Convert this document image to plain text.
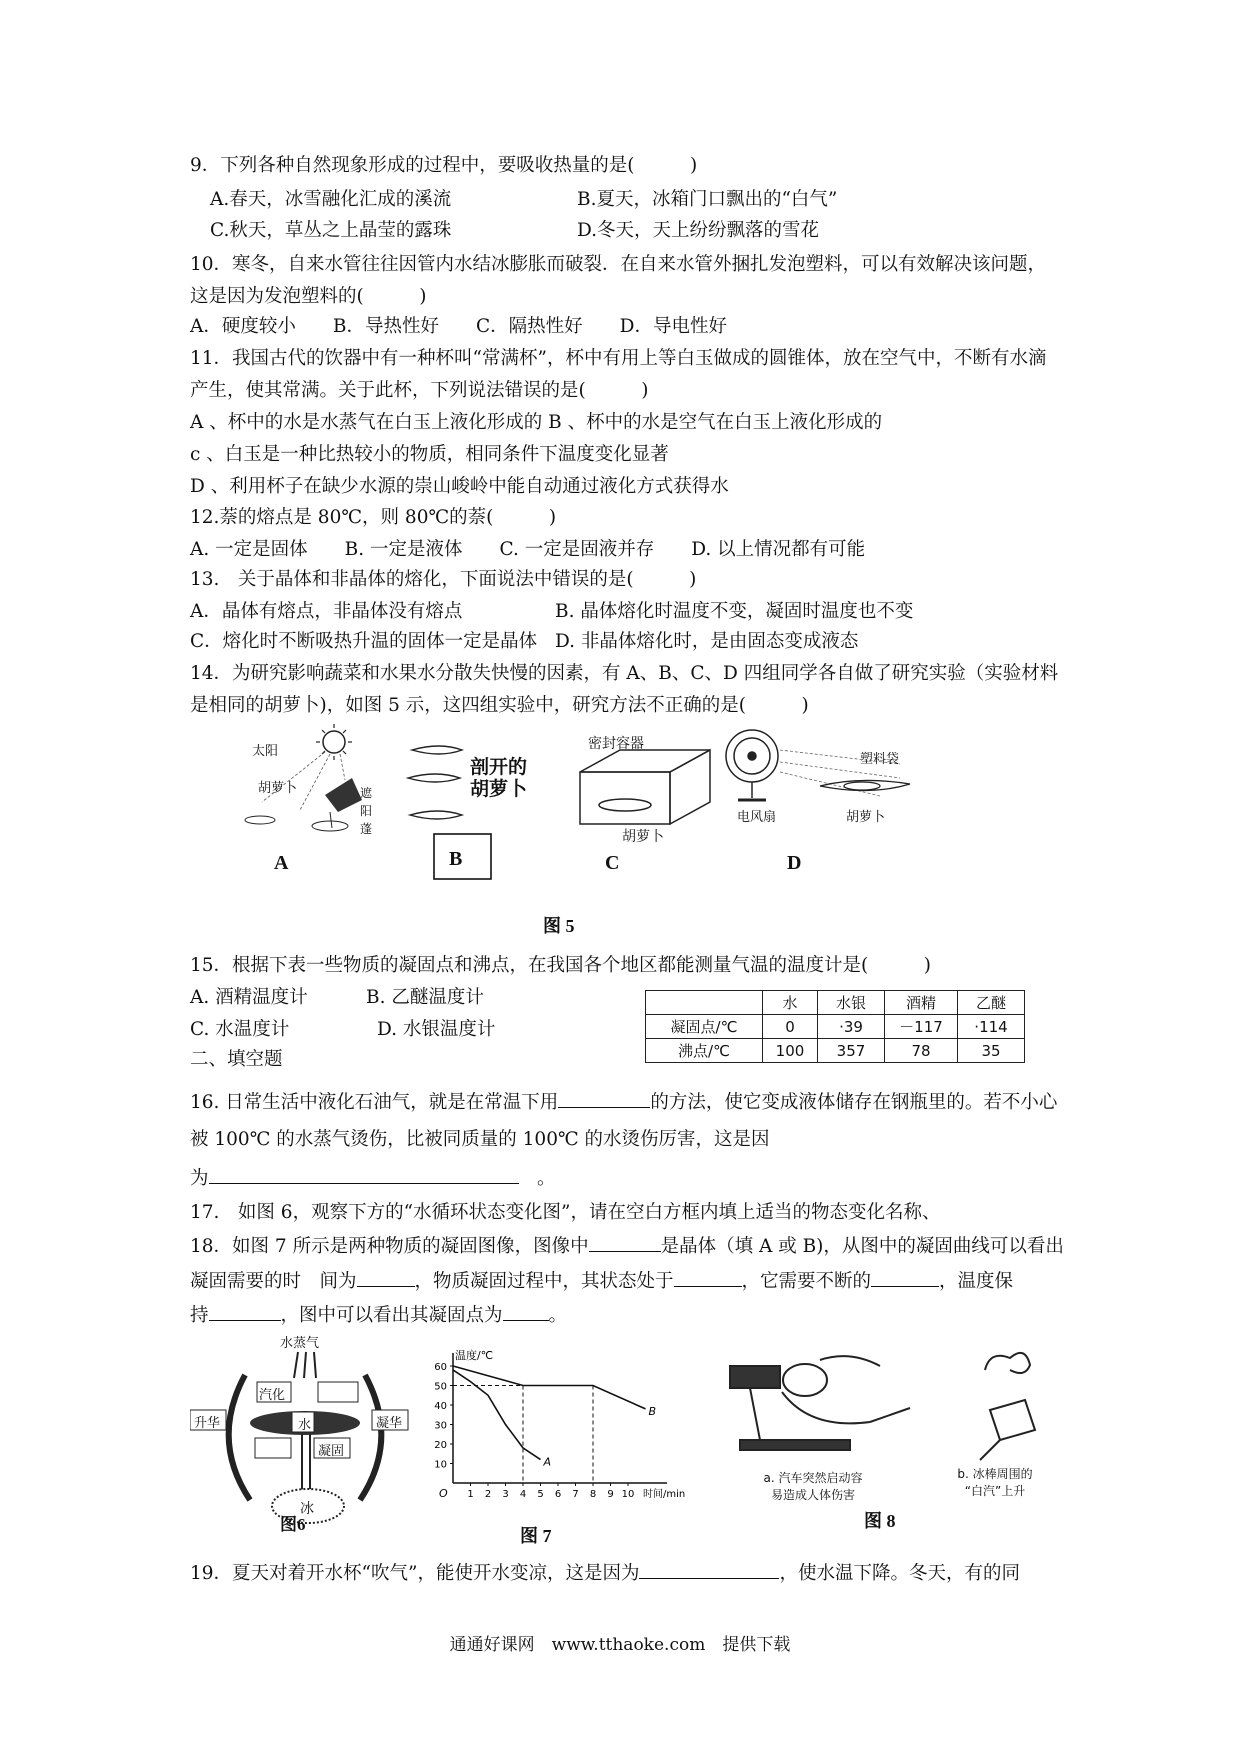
9．下列各种自然现象形成的过程中，要吸收热量的是(　　　)
A.春天，冰雪融化汇成的溪流	B.夏天，冰箱门口飘出的“白气”
C.秋天，草丛之上晶莹的露珠	D.冬天，天上纷纷飘落的雪花
10．寒冬，自来水管往往因管内水结冰膨胀而破裂．在自来水管外捆扎发泡塑料，可以有效解决该问题，
这是因为发泡塑料的(　　　)
A．硬度较小　　B．导热性好　　C．隔热性好　　D．导电性好
11．我国古代的饮器中有一种杯叫“常满杯”，杯中有用上等白玉做成的圆锥体，放在空气中，不断有水滴
产生，使其常满。关于此杯，下列说法错误的是(　　　)
A 、杯中的水是水蒸气在白玉上液化形成的 B 、杯中的水是空气在白玉上液化形成的
c 、白玉是一种比热较小的物质，相同条件下温度变化显著
D 、利用杯子在缺少水源的崇山峻岭中能自动通过液化方式获得水
12.萘的熔点是 80℃，则 80℃的萘(　　　)
A. 一定是固体　　B. 一定是液体　　C. 一定是固液并存　　D. 以上情况都有可能
13.　关于晶体和非晶体的熔化，下面说法中错误的是(　　　)
A．晶体有熔点，非晶体没有熔点	B. 晶体熔化时温度不变，凝固时温度也不变
C．熔化时不断吸热升温的固体一定是晶体 D. 非晶体熔化时，是由固态变成液态
14．为研究影响蔬菜和水果水分散失快慢的因素，有 A、B、C、D 四组同学各自做了研究实验（实验材料
是相同的胡萝卜)，如图 5 示，这四组实验中，研究方法不正确的是(　　　)
太阳
胡萝卜	遮
阳
蓬
剖开的
胡萝卜
密封容器
胡萝卜
塑料袋
电风扇	胡萝卜
A	B	C	D
图 5
15．根据下表一些物质的凝固点和沸点，在我国各个地区都能测量气温的温度计是(　　　)
A. 酒精温度计	B. 乙醚温度计
C. 水温度计	D. 水银温度计
	水	水银	酒精	乙醚
凝固点/℃	0	·39	－117	·114
沸点/℃	100	357	78	35
二、填空题
16. 日常生活中液化石油气，就是在常温下用	的方法，使它变成液体储存在钢瓶里的。若不小心
被 100℃ 的水蒸气烫伤，比被同质量的 100℃ 的水烫伤厉害，这是因
为　	。
17.　如图 6，观察下方的“水循环状态变化图”，请在空白方框内填上适当的物态变化名称、
18．如图 7 所示是两种物质的凝固图像，图像中	是晶体（填 A 或 B)，从图中的凝固曲线可以看出
凝固需要的时　间为	，物质凝固过程中，其状态处于	，它需要不断的	，温度保
持	，图中可以看出其凝固点为 。
水蒸气
汽化
升华	凝华
水
凝固
冰
图6
O
10
20
30
40
50
60
1 2 3 4 5 6 7 8 9 10
温度/℃
时间/min
A
B
图 7
a. 汽车突然启动容
易造成人体伤害
b. 冰棒周围的
“白汽”上升
图 8
19．夏天对着开水杯“吹气”，能使开水变凉，这是因为	，使水温下降。冬天，有的同
通通好课网　www.tthaoke.com　提供下载
